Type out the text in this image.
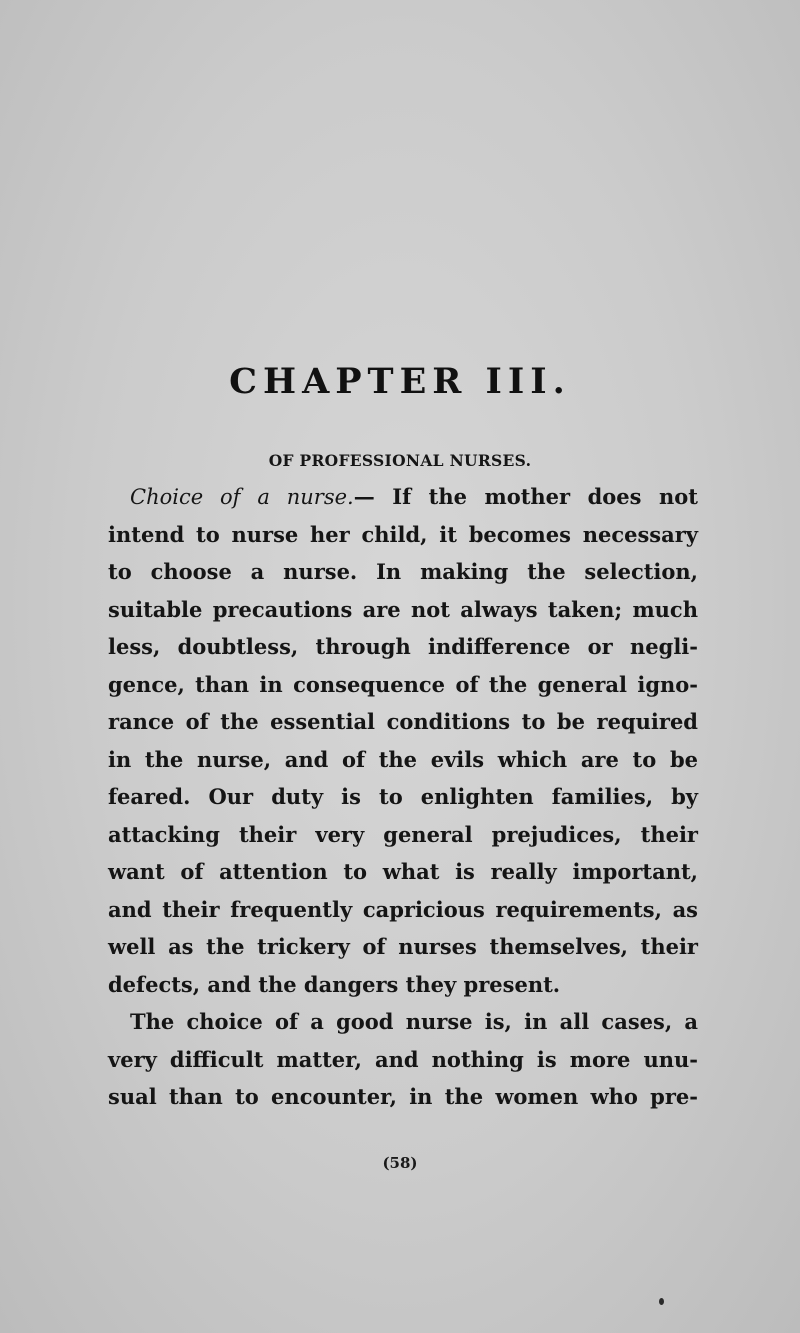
CHAPTER III.
OF PROFESSIONAL NURSES.
Choice of a nurse.— If the mother does not
intend to nurse her child, it becomes necessary
to choose a nurse. In making the selection,
suitable precautions are not always taken; much
less, doubtless, through indifference or negli-
gence, than in consequence of the general igno-
rance of the essential conditions to be required
in the nurse, and of the evils which are to be
feared. Our duty is to enlighten families, by
attacking their very general prejudices, their
want of attention to what is really important,
and their frequently capricious requirements, as
well as the trickery of nurses themselves, their
defects, and the dangers they present.
The choice of a good nurse is, in all cases, a
very difficult matter, and nothing is more unu-
sual than to encounter, in the women who pre-
(58)
